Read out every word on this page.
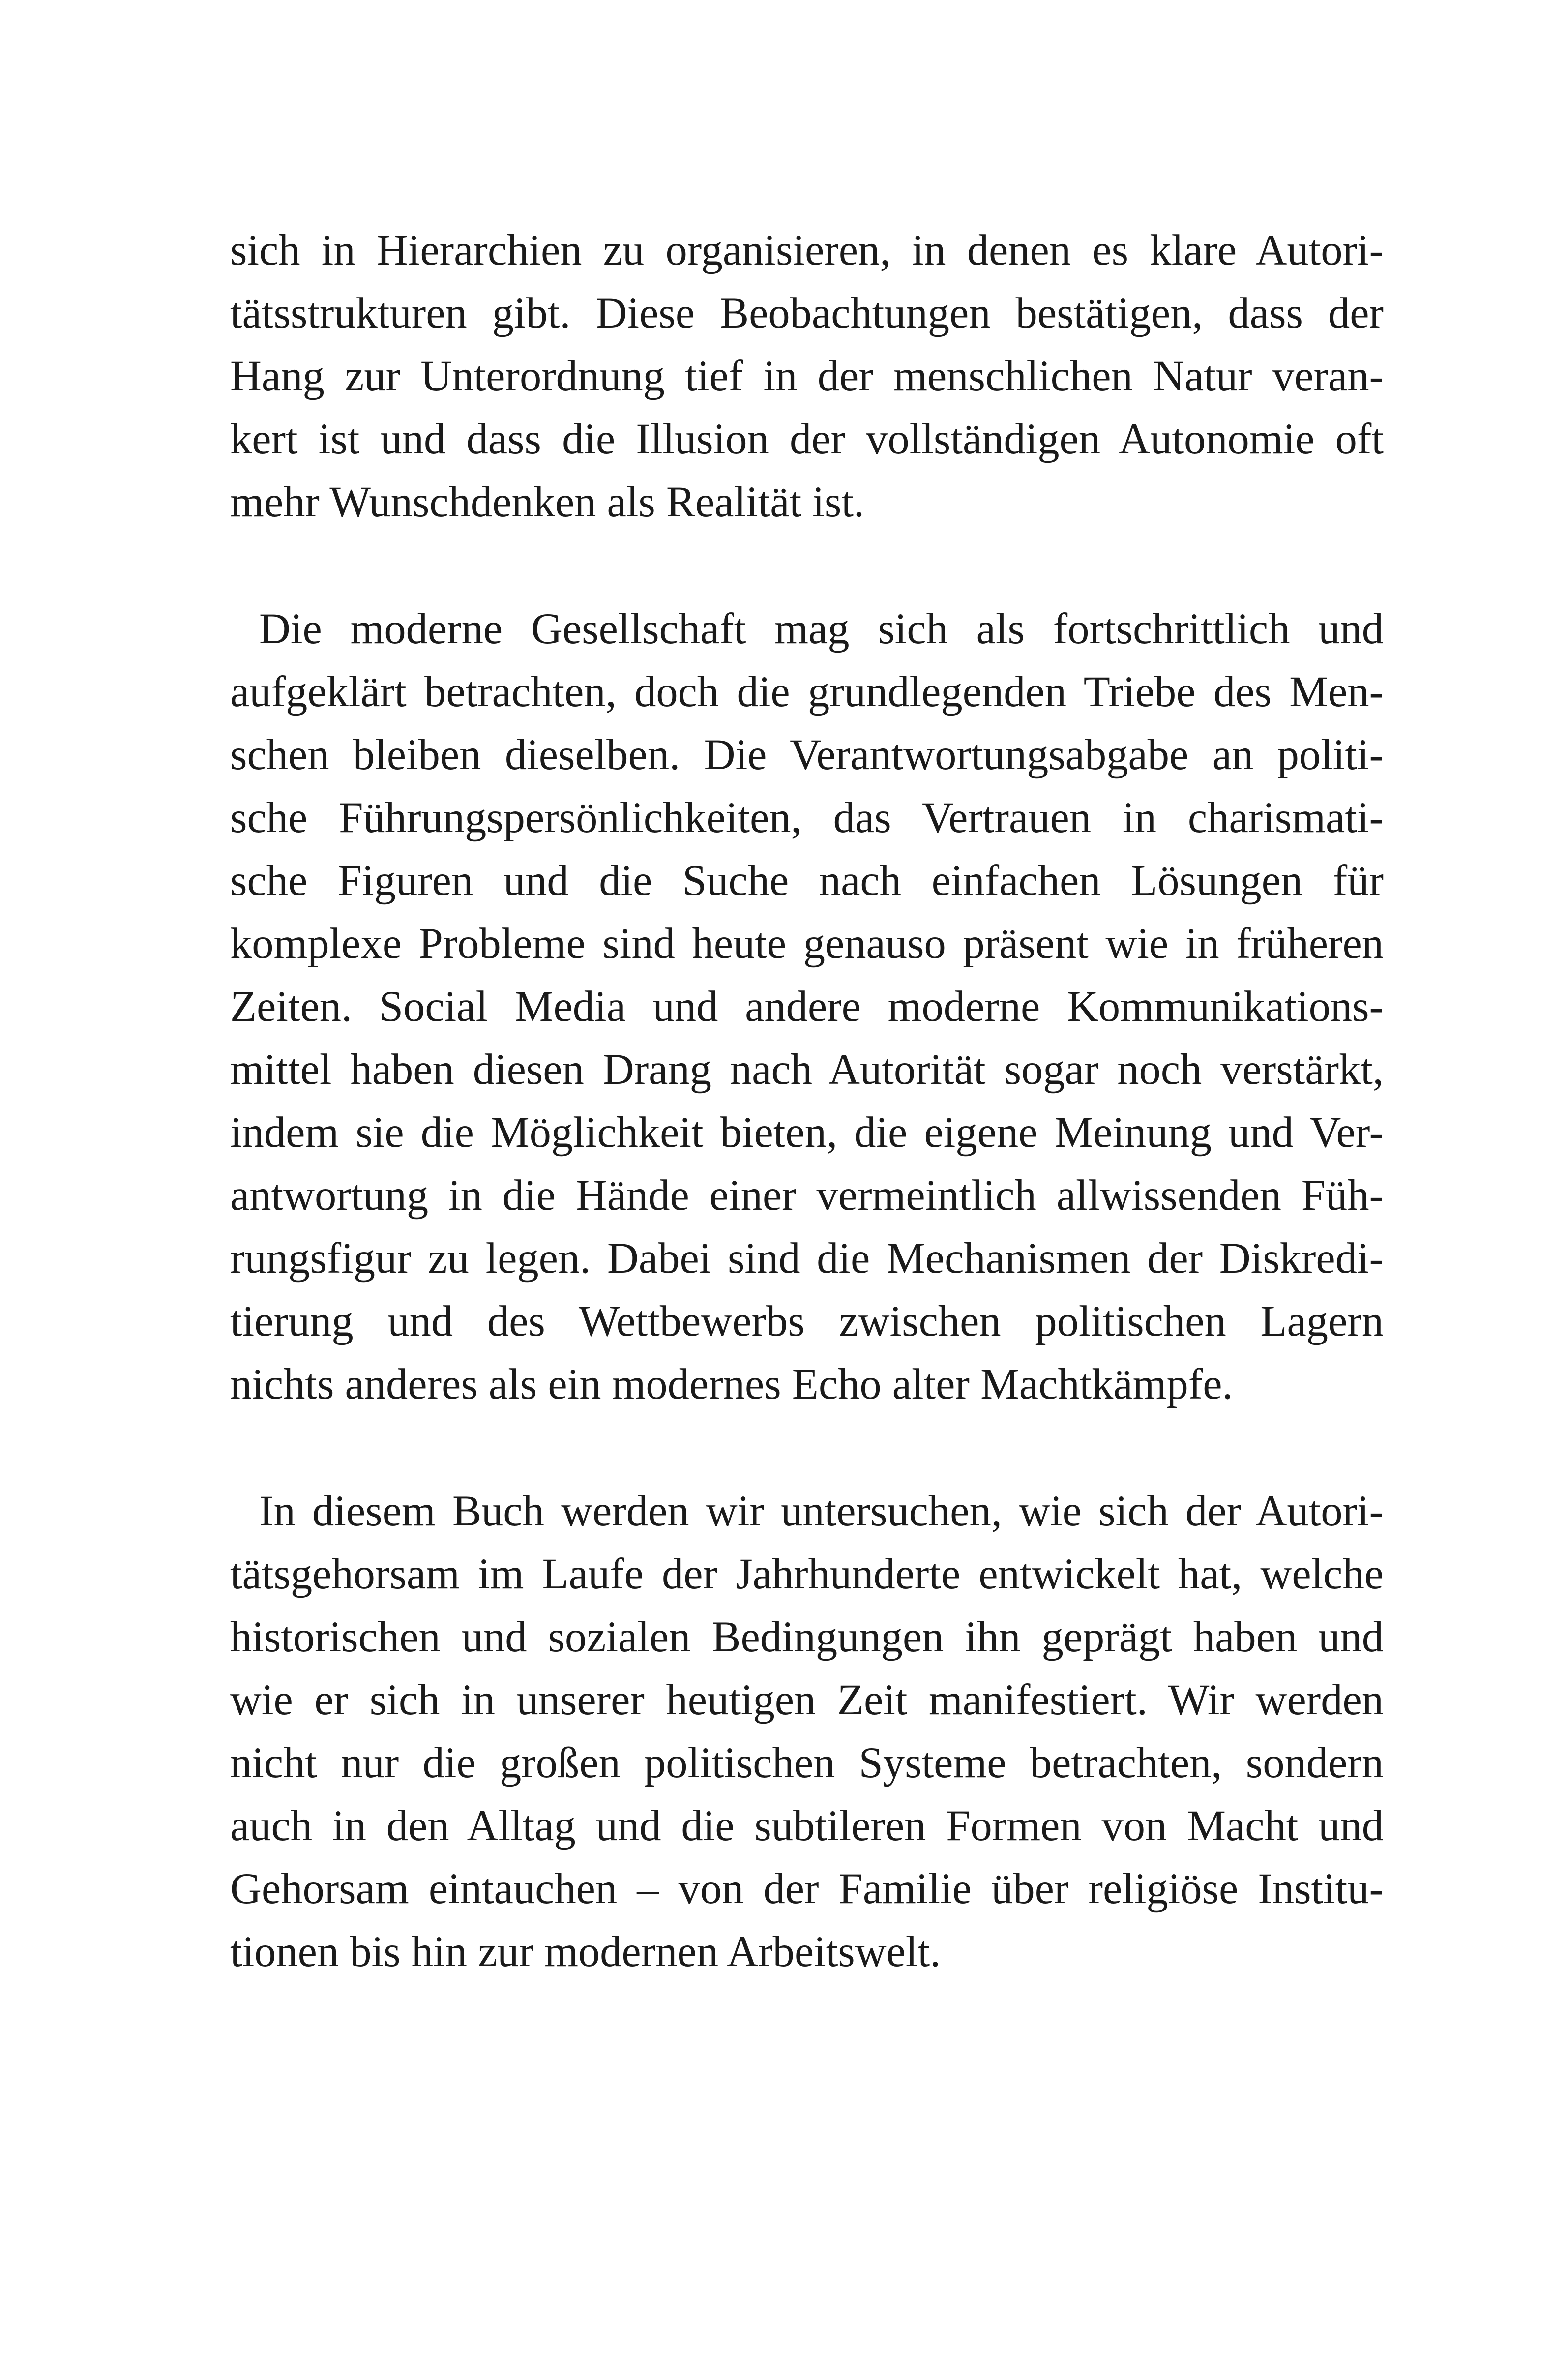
sich in Hierarchien zu organisieren, in denen es klare Autori-
tätsstrukturen gibt. Diese Beobachtungen bestätigen, dass der
Hang zur Unterordnung tief in der menschlichen Natur veran-
kert ist und dass die Illusion der vollständigen Autonomie oft
mehr Wunschdenken als Realität ist.
Die moderne Gesellschaft mag sich als fortschrittlich und
aufgeklärt betrachten, doch die grundlegenden Triebe des Men-
schen bleiben dieselben. Die Verantwortungsabgabe an politi-
sche Führungspersönlichkeiten, das Vertrauen in charismati-
sche Figuren und die Suche nach einfachen Lösungen für
komplexe Probleme sind heute genauso präsent wie in früheren
Zeiten. Social Media und andere moderne Kommunikations-
mittel haben diesen Drang nach Autorität sogar noch verstärkt,
indem sie die Möglichkeit bieten, die eigene Meinung und Ver-
antwortung in die Hände einer vermeintlich allwissenden Füh-
rungsfigur zu legen. Dabei sind die Mechanismen der Diskredi-
tierung und des Wettbewerbs zwischen politischen Lagern
nichts anderes als ein modernes Echo alter Machtkämpfe.
In diesem Buch werden wir untersuchen, wie sich der Autori-
tätsgehorsam im Laufe der Jahrhunderte entwickelt hat, welche
historischen und sozialen Bedingungen ihn geprägt haben und
wie er sich in unserer heutigen Zeit manifestiert. Wir werden
nicht nur die großen politischen Systeme betrachten, sondern
auch in den Alltag und die subtileren Formen von Macht und
Gehorsam eintauchen – von der Familie über religiöse Institu-
tionen bis hin zur modernen Arbeitswelt.
